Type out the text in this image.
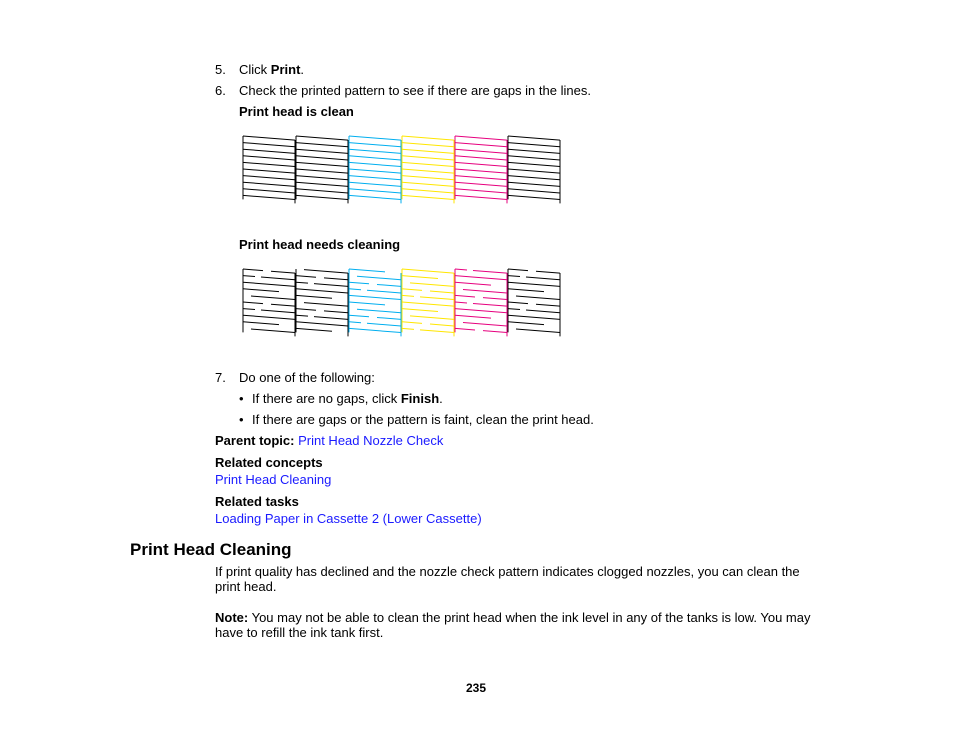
5. Click Print.
6. Check the printed pattern to see if there are gaps in the lines.
Print head is clean
Print head needs cleaning
7. Do one of the following:
• If there are no gaps, click Finish.
• If there are gaps or the pattern is faint, clean the print head.
Parent topic: Print Head Nozzle Check
Related concepts
Print Head Cleaning
Related tasks
Loading Paper in Cassette 2 (Lower Cassette)
Print Head Cleaning
If print quality has declined and the nozzle check pattern indicates clogged nozzles, you can clean the
print head.
Note: You may not be able to clean the print head when the ink level in any of the tanks is low. You may
have to refill the ink tank first.
235
